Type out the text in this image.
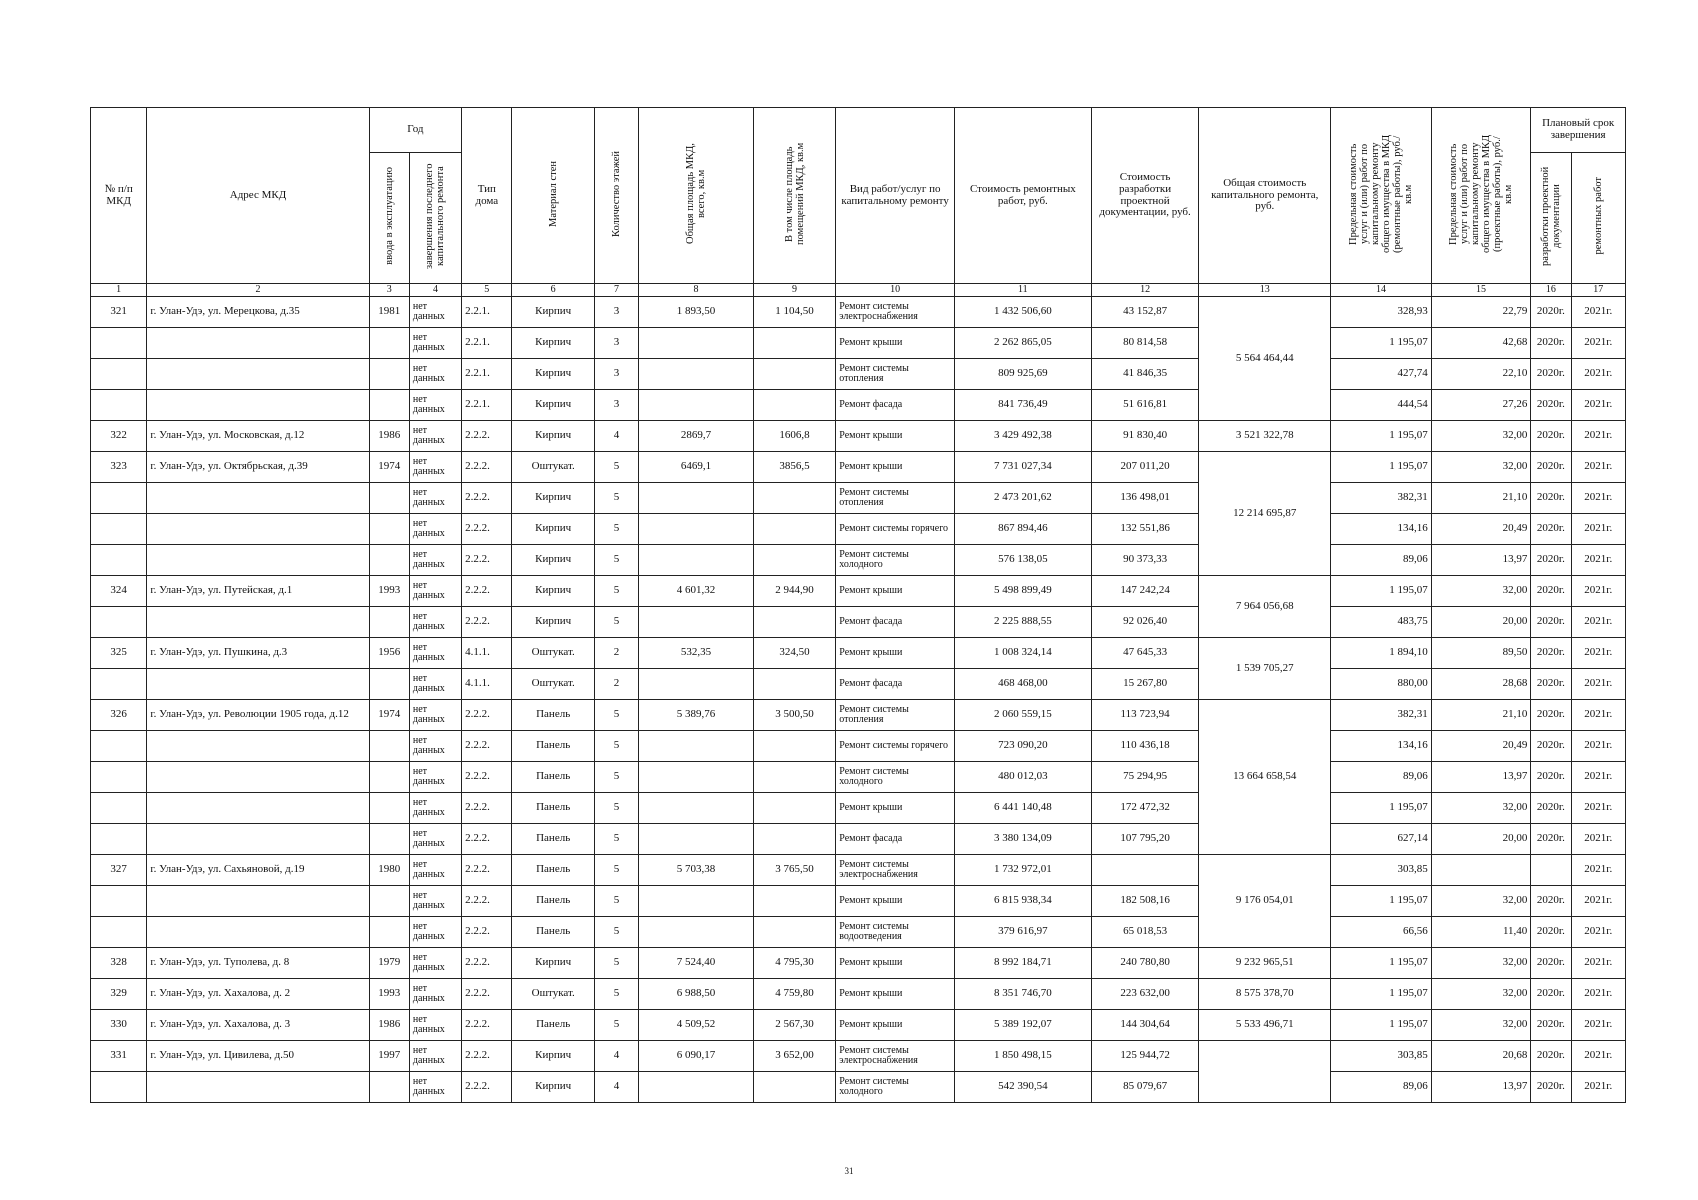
№ п/п МКД	Адрес МКД	Год		Тип дома	Материал стен	Количество этажей	Общая площадь МКД, всего, кв.м	В том числе площадь помещений МКД, кв.м	Вид работ/услуг по капитальному ремонту	Стоимость ремонтных работ, руб.	Стоимость разработки проектной документации, руб.	Общая стоимость капитального ремонта, руб.	Предельная стоимость услуг и (или) работ по капитальному ремонту общего имущества в МКД (ремонтные работы), руб./кв.м	Предельная стоимость услуг и (или) работ по капитальному ремонту общего имущества в МКД (проектные работы), руб./кв.м	Плановый срок завершения	
		ввода в эксплуатацию	завершения последнего капитального ремонта												разработки проектной документации	ремонтных работ
1	2	3	4	5	6	7	8	9	10	11	12	13	14	15	16	17
321	г. Улан-Удэ, ул. Мерецкова, д.35	1981	нет данных	2.2.1.	Кирпич	3	1 893,50	1 104,50	Ремонт системы электроснабжения	1 432 506,60	43 152,87	5 564 464,44	328,93	22,79	2020г.	2021г.
			нет данных	2.2.1.	Кирпич	3			Ремонт крыши	2 262 865,05	80 814,58		1 195,07	42,68	2020г.	2021г.
			нет данных	2.2.1.	Кирпич	3			Ремонт системы отопления	809 925,69	41 846,35		427,74	22,10	2020г.	2021г.
			нет данных	2.2.1.	Кирпич	3			Ремонт фасада	841 736,49	51 616,81		444,54	27,26	2020г.	2021г.
322	г. Улан-Удэ, ул. Московская, д.12	1986	нет данных	2.2.2.	Кирпич	4	2869,7	1606,8	Ремонт крыши	3 429 492,38	91 830,40	3 521 322,78	1 195,07	32,00	2020г.	2021г.
323	г. Улан-Удэ, ул. Октябрьская, д.39	1974	нет данных	2.2.2.	Оштукат.	5	6469,1	3856,5	Ремонт крыши	7 731 027,34	207 011,20	12 214 695,87	1 195,07	32,00	2020г.	2021г.
			нет данных	2.2.2.	Кирпич	5			Ремонт системы отопления	2 473 201,62	136 498,01		382,31	21,10	2020г.	2021г.
			нет данных	2.2.2.	Кирпич	5			Ремонт системы горячего	867 894,46	132 551,86		134,16	20,49	2020г.	2021г.
			нет данных	2.2.2.	Кирпич	5			Ремонт системы холодного	576 138,05	90 373,33		89,06	13,97	2020г.	2021г.
324	г. Улан-Удэ, ул. Путейская, д.1	1993	нет данных	2.2.2.	Кирпич	5	4 601,32	2 944,90	Ремонт крыши	5 498 899,49	147 242,24	7 964 056,68	1 195,07	32,00	2020г.	2021г.
			нет данных	2.2.2.	Кирпич	5			Ремонт фасада	2 225 888,55	92 026,40		483,75	20,00	2020г.	2021г.
325	г. Улан-Удэ, ул. Пушкина, д.3	1956	нет данных	4.1.1.	Оштукат.	2	532,35	324,50	Ремонт крыши	1 008 324,14	47 645,33	1 539 705,27	1 894,10	89,50	2020г.	2021г.
			нет данных	4.1.1.	Оштукат.	2			Ремонт фасада	468 468,00	15 267,80		880,00	28,68	2020г.	2021г.
326	г. Улан-Удэ, ул. Революции 1905 года, д.12	1974	нет данных	2.2.2.	Панель	5	5 389,76	3 500,50	Ремонт системы отопления	2 060 559,15	113 723,94	13 664 658,54	382,31	21,10	2020г.	2021г.
			нет данных	2.2.2.	Панель	5			Ремонт системы горячего	723 090,20	110 436,18		134,16	20,49	2020г.	2021г.
			нет данных	2.2.2.	Панель	5			Ремонт системы холодного	480 012,03	75 294,95		89,06	13,97	2020г.	2021г.
			нет данных	2.2.2.	Панель	5			Ремонт крыши	6 441 140,48	172 472,32		1 195,07	32,00	2020г.	2021г.
			нет данных	2.2.2.	Панель	5			Ремонт фасада	3 380 134,09	107 795,20		627,14	20,00	2020г.	2021г.
327	г. Улан-Удэ, ул. Сахьяновой, д.19	1980	нет данных	2.2.2.	Панель	5	5 703,38	3 765,50	Ремонт системы электроснабжения	1 732 972,01		9 176 054,01	303,85			2021г.
			нет данных	2.2.2.	Панель	5			Ремонт крыши	6 815 938,34	182 508,16		1 195,07	32,00	2020г.	2021г.
			нет данных	2.2.2.	Панель	5			Ремонт системы водоотведения	379 616,97	65 018,53		66,56	11,40	2020г.	2021г.
328	г. Улан-Удэ, ул. Туполева, д. 8	1979	нет данных	2.2.2.	Кирпич	5	7 524,40	4 795,30	Ремонт крыши	8 992 184,71	240 780,80	9 232 965,51	1 195,07	32,00	2020г.	2021г.
329	г. Улан-Удэ, ул. Хахалова, д. 2	1993	нет данных	2.2.2.	Оштукат.	5	6 988,50	4 759,80	Ремонт крыши	8 351 746,70	223 632,00	8 575 378,70	1 195,07	32,00	2020г.	2021г.
330	г. Улан-Удэ, ул. Хахалова, д. 3	1986	нет данных	2.2.2.	Панель	5	4 509,52	2 567,30	Ремонт крыши	5 389 192,07	144 304,64	5 533 496,71	1 195,07	32,00	2020г.	2021г.
331	г. Улан-Удэ, ул. Цивилева, д.50	1997	нет данных	2.2.2.	Кирпич	4	6 090,17	3 652,00	Ремонт системы электроснабжения	1 850 498,15	125 944,72		303,85	20,68	2020г.	2021г.
			нет данных	2.2.2.	Кирпич	4			Ремонт системы холодного	542 390,54	85 079,67		89,06	13,97	2020г.	2021г.
31
